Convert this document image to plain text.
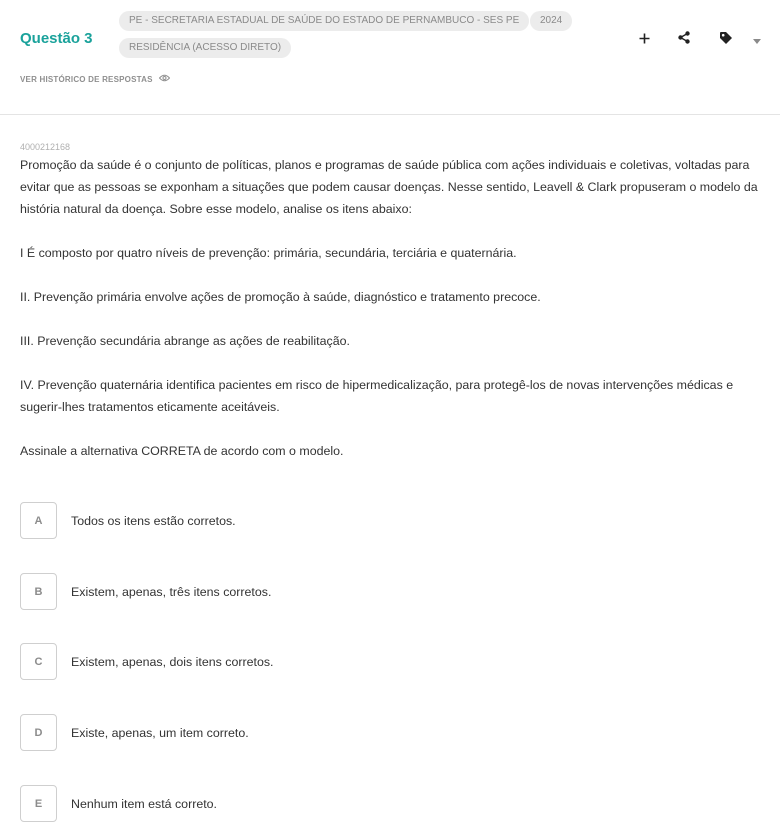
Questão 3
PE - SECRETARIA ESTADUAL DE SAÚDE DO ESTADO DE PERNAMBUCO - SES PE	2024
RESIDÊNCIA (ACESSO DIRETO)
VER HISTÓRICO DE RESPOSTAS
4000212168

Promoção da saúde é o conjunto de políticas, planos e programas de saúde pública com ações individuais e coletivas, voltadas para evitar que as pessoas se exponham a situações que podem causar doenças. Nesse sentido, Leavell & Clark propuseram o modelo da história natural da doença. Sobre esse modelo, analise os itens abaixo:

I É composto por quatro níveis de prevenção: primária, secundária, terciária e quaternária.

II. Prevenção primária envolve ações de promoção à saúde, diagnóstico e tratamento precoce.

III. Prevenção secundária abrange as ações de reabilitação.

IV. Prevenção quaternária identifica pacientes em risco de hipermedicalização, para protegê-los de novas intervenções médicas e sugerir-lhes tratamentos eticamente aceitáveis.

Assinale a alternativa CORRETA de acordo com o modelo.

A	Todos os itens estão corretos.
B	Existem, apenas, três itens corretos.
C	Existem, apenas, dois itens corretos.
D	Existe, apenas, um item correto.
E	Nenhum item está correto.
